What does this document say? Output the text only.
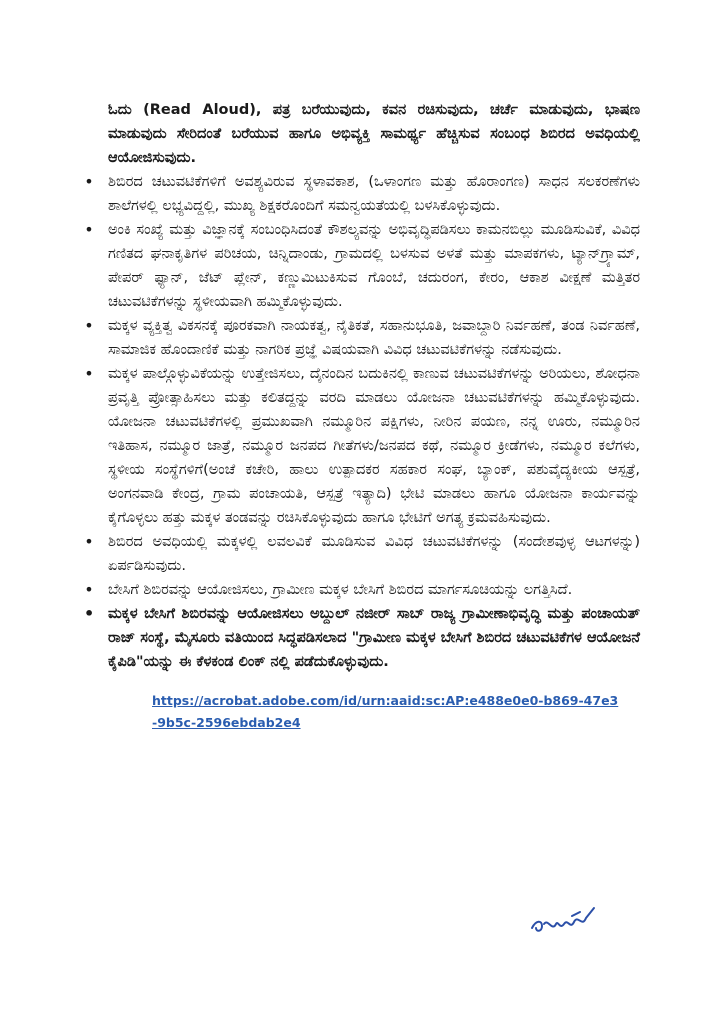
ಓದು (Read Aloud), ಪತ್ರ ಬರೆಯುವುದು, ಕವನ ರಚಿಸುವುದು, ಚರ್ಚೆ ಮಾಡುವುದು, ಭಾಷಣ ಮಾಡುವುದು ಸೇರಿದಂತೆ ಬರೆಯುವ ಹಾಗೂ ಅಭಿವ್ಯಕ್ತಿ ಸಾಮರ್ಥ್ಯ ಹೆಚ್ಚಿಸುವ ಸಂಬಂಧ ಶಿಬಿರದ ಅವಧಿಯಲ್ಲಿ ಆಯೋಜಿಸುವುದು.

• ಶಿಬಿರದ ಚಟುವಟಿಕೆಗಳಿಗೆ ಅವಶ್ಯವಿರುವ ಸ್ಥಳಾವಕಾಶ, (ಒಳಾಂಗಣ ಮತ್ತು ಹೊರಾಂಗಣ) ಸಾಧನ ಸಲಕರಣೆಗಳು ಶಾಲೆಗಳಲ್ಲಿ ಲಭ್ಯವಿದ್ದಲ್ಲಿ, ಮುಖ್ಯ ಶಿಕ್ಷಕರೊಂದಿಗೆ ಸಮನ್ವಯತೆಯಲ್ಲಿ ಬಳಸಿಕೊಳ್ಳುವುದು.
• ಅಂಕಿ ಸಂಖ್ಯೆ ಮತ್ತು ವಿಜ್ಞಾನಕ್ಕೆ ಸಂಬಂಧಿಸಿದಂತೆ ಕೌಶಲ್ಯವನ್ನು ಅಭಿವೃದ್ಧಿಪಡಿಸಲು ಕಾಮನಬಿಲ್ಲು ಮೂಡಿಸುವಿಕೆ, ವಿವಿಧ ಗಣಿತದ ಘನಾಕೃತಿಗಳ ಪರಿಚಯ, ಚಿನ್ನಿದಾಂಡು, ಗ್ರಾಮದಲ್ಲಿ ಬಳಸುವ ಅಳತೆ ಮತ್ತು ಮಾಪಕಗಳು, ಟ್ಯಾನ್‌ಗ್ರ್ಯಾಮ್, ಪೇಪರ್ ಫ್ಯಾನ್, ಜೆಟ್ ಪ್ಲೇನ್, ಕಣ್ಣುಮಿಟುಕಿಸುವ ಗೊಂಬೆ, ಚದುರಂಗ, ಕೇರಂ, ಆಕಾಶ ವೀಕ್ಷಣೆ ಮತ್ತಿತರ ಚಟುವಟಿಕೆಗಳನ್ನು ಸ್ಥಳೀಯವಾಗಿ ಹಮ್ಮಿಕೊಳ್ಳುವುದು.
• ಮಕ್ಕಳ ವ್ಯಕ್ತಿತ್ವ ವಿಕಸನಕ್ಕೆ ಪೂರಕವಾಗಿ ನಾಯಕತ್ವ, ನೈತಿಕತೆ, ಸಹಾನುಭೂತಿ, ಜವಾಬ್ದಾರಿ ನಿರ್ವಹಣೆ, ತಂಡ ನಿರ್ವಹಣೆ, ಸಾಮಾಜಿಕ ಹೊಂದಾಣಿಕೆ ಮತ್ತು ನಾಗರಿಕ ಪ್ರಜ್ಞೆ ವಿಷಯವಾಗಿ ವಿವಿಧ ಚಟುವಟಿಕೆಗಳನ್ನು ನಡೆಸುವುದು.
• ಮಕ್ಕಳ ಪಾಲ್ಗೊಳ್ಳುವಿಕೆಯನ್ನು ಉತ್ತೇಜಿಸಲು, ದೈನಂದಿನ ಬದುಕಿನಲ್ಲಿ ಕಾಣುವ ಚಟುವಟಿಕೆಗಳನ್ನು ಅರಿಯಲು, ಶೋಧನಾ ಪ್ರವೃತ್ತಿ ಪ್ರೋತ್ಸಾಹಿಸಲು ಮತ್ತು ಕಲಿತದ್ದನ್ನು ವರದಿ ಮಾಡಲು ಯೋಜನಾ ಚಟುವಟಿಕೆಗಳನ್ನು ಹಮ್ಮಿಕೊಳ್ಳುವುದು. ಯೋಜನಾ ಚಟುವಟಿಕೆಗಳಲ್ಲಿ ಪ್ರಮುಖವಾಗಿ ನಮ್ಮೂರಿನ ಪಕ್ಷಿಗಳು, ನೀರಿನ ಪಯಣ, ನನ್ನ ಊರು, ನಮ್ಮೂರಿನ ಇತಿಹಾಸ, ನಮ್ಮೂರ ಜಾತ್ರೆ, ನಮ್ಮೂರ ಜನಪದ ಗೀತೆಗಳು/ಜನಪದ ಕಥೆ, ನಮ್ಮೂರ ಕ್ರೀಡೆಗಳು, ನಮ್ಮೂರ ಕಲೆಗಳು, ಸ್ಥಳೀಯ ಸಂಸ್ಥೆಗಳಿಗೆ(ಅಂಚೆ ಕಚೇರಿ, ಹಾಲು ಉತ್ಪಾದಕರ ಸಹಕಾರ ಸಂಘ, ಬ್ಯಾಂಕ್, ಪಶುವೈದ್ಯಕೀಯ ಆಸ್ಪತ್ರೆ, ಅಂಗನವಾಡಿ ಕೇಂದ್ರ, ಗ್ರಾಮ ಪಂಚಾಯತಿ, ಆಸ್ಪತ್ರೆ ಇತ್ಯಾದಿ) ಭೇಟಿ ಮಾಡಲು ಹಾಗೂ ಯೋಜನಾ ಕಾರ್ಯವನ್ನು ಕೈಗೊಳ್ಳಲು ಹತ್ತು ಮಕ್ಕಳ ತಂಡವನ್ನು ರಚಿಸಿಕೊಳ್ಳುವುದು ಹಾಗೂ ಭೇಟಿಗೆ ಅಗತ್ಯ ಕ್ರಮವಹಿಸುವುದು.
• ಶಿಬಿರದ ಅವಧಿಯಲ್ಲಿ ಮಕ್ಕಳಲ್ಲಿ ಲವಲವಿಕೆ ಮೂಡಿಸುವ ವಿವಿಧ ಚಟುವಟಿಕೆಗಳನ್ನು (ಸಂದೇಶವುಳ್ಳ ಆಟಗಳನ್ನು) ಏರ್ಪಡಿಸುವುದು.
• ಬೇಸಿಗೆ ಶಿಬಿರವನ್ನು ಆಯೋಜಿಸಲು, ಗ್ರಾಮೀಣ ಮಕ್ಕಳ ಬೇಸಿಗೆ ಶಿಬಿರದ ಮಾರ್ಗಸೂಚಿಯನ್ನು ಲಗತ್ತಿಸಿದೆ.
• ಮಕ್ಕಳ ಬೇಸಿಗೆ ಶಿಬಿರವನ್ನು ಆಯೋಜಿಸಲು ಅಬ್ದುಲ್ ನಜೀರ್ ಸಾಬ್ ರಾಜ್ಯ ಗ್ರಾಮೀಣಾಭಿವೃದ್ಧಿ ಮತ್ತು ಪಂಚಾಯತ್ ರಾಜ್ ಸಂಸ್ಥೆ, ಮೈಸೂರು ವತಿಯಿಂದ ಸಿದ್ಧಪಡಿಸಲಾದ "ಗ್ರಾಮೀಣ ಮಕ್ಕಳ ಬೇಸಿಗೆ ಶಿಬಿರದ ಚಟುವಟಿಕೆಗಳ ಆಯೋಜನೆ ಕೈಪಿಡಿ"ಯನ್ನು ಈ ಕೆಳಕಂಡ ಲಿಂಕ್ ನಲ್ಲಿ ಪಡೆದುಕೊಳ್ಳುವುದು.
https://acrobat.adobe.com/id/urn:aaid:sc:AP:e488e0e0-b869-47e3-9b5c-2596ebdab2e4
